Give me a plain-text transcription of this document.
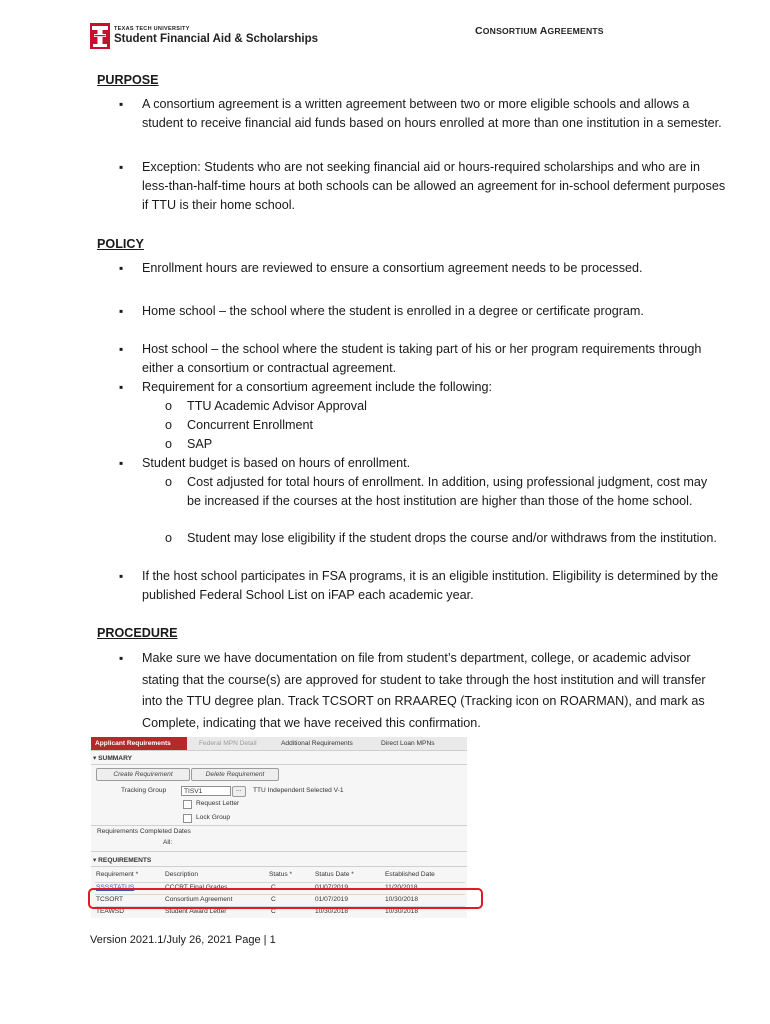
TEXAS TECH UNIVERSITY
Student Financial Aid & Scholarships
CONSORTIUM AGREEMENTS
PURPOSE
▪ A consortium agreement is a written agreement between two or more eligible schools and allows a student to receive financial aid funds based on hours enrolled at more than one institution in a semester.
▪ Exception: Students who are not seeking financial aid or hours-required scholarships and who are in less-than-half-time hours at both schools can be allowed an agreement for in-school deferment purposes if TTU is their home school.
POLICY
▪ Enrollment hours are reviewed to ensure a consortium agreement needs to be processed.
▪ Home school – the school where the student is enrolled in a degree or certificate program.
▪ Host school – the school where the student is taking part of his or her program requirements through either a consortium or contractual agreement.
▪ Requirement for a consortium agreement include the following:
o TTU Academic Advisor Approval
o Concurrent Enrollment
o SAP
▪ Student budget is based on hours of enrollment.
o Cost adjusted for total hours of enrollment. In addition, using professional judgment, cost may be increased if the courses at the host institution are higher than those of the home school.
o Student may lose eligibility if the student drops the course and/or withdraws from the institution.
▪ If the host school participates in FSA programs, it is an eligible institution. Eligibility is determined by the published Federal School List on iFAP each academic year.
PROCEDURE
▪ Make sure we have documentation on file from student’s department, college, or academic advisor stating that the course(s) are approved for student to take through the host institution and will transfer into the TTU degree plan. Track TCSORT on RRAAREQ (Tracking icon on ROARMAN), and mark as Complete, indicating that we have received this confirmation.
Applicant Requirements	Federal MPN Detail	Additional Requirements	Direct Loan MPNs
▾ SUMMARY
Create Requirement	Delete Requirement
Tracking Group	TISV1	...	TTU Independent Selected V-1
Request Letter
Lock Group
Requirements Completed Dates
All:
▾ REQUIREMENTS
Requirement *	Description	Status *	Status Date *	Established Date
SSSSTATUS	CCCRT Final Grades	C	01/07/2019	11/20/2018
TCSORT	Consortium Agreement	C	01/07/2019	10/30/2018
TEAWSD	Student Award Letter	C	10/30/2018	10/30/2018
Version 2021.1/July 26, 2021 Page | 1
